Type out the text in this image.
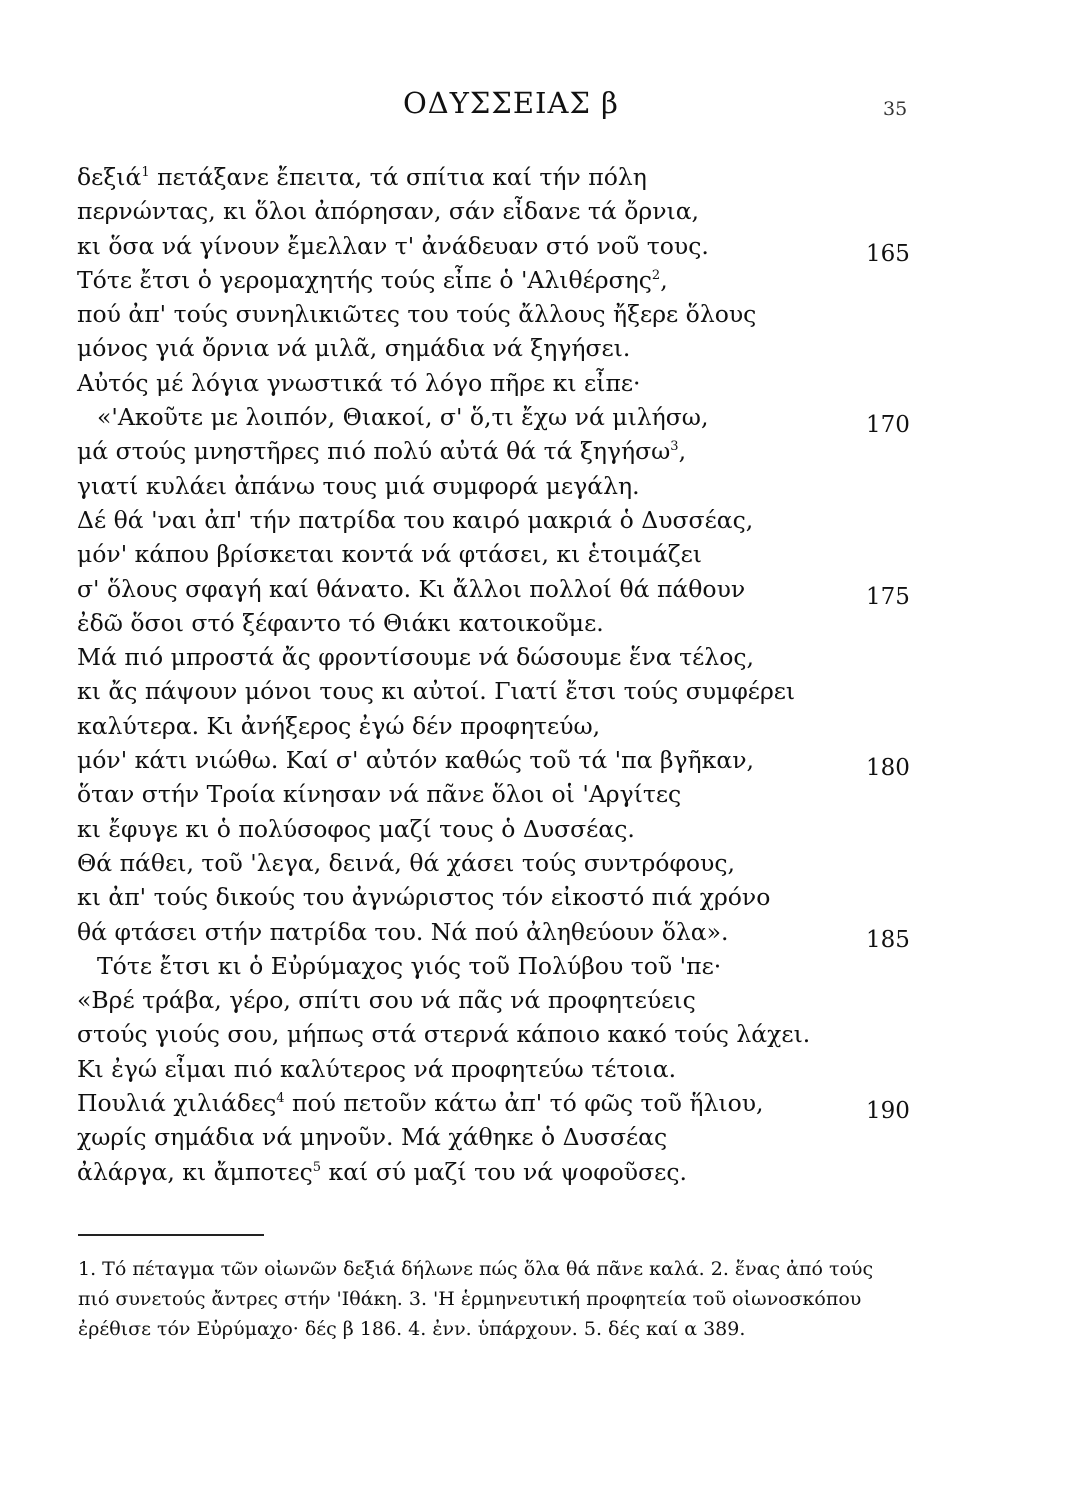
ΟΔΥΣΣΕΙΑΣ β	35
δεξιά$^1$ πετάξανε ἔπειτα, τά σπίτια καί τήν πόλη
περνώντας, κι ὅλοι ἀπόρησαν, σάν εἶδανε τά ὄρνια,
κι ὅσα νά γίνουν ἔμελλαν τ' ἀνάδευαν στό νοῦ τους.	165
Τότε ἔτσι ὁ γερομαχητής τούς εἶπε ὁ 'Αλιθέρσης$^2$,
πού ἀπ' τούς συνηλικιῶτες του τούς ἄλλους ἤξερε ὅλους
μόνος γιά ὄρνια νά μιλᾶ, σημάδια νά ξηγήσει.
Αὐτός μέ λόγια γνωστικά τό λόγο πῆρε κι εἶπε·
«'Ακοῦτε με λοιπόν, Θιακοί, σ' ὅ,τι ἔχω νά μιλήσω,	170
μά στούς μνηστῆρες πιό πολύ αὐτά θά τά ξηγήσω$^3$,
γιατί κυλάει ἀπάνω τους μιά συμφορά μεγάλη.
Δέ θά 'ναι ἀπ' τήν πατρίδα του καιρό μακριά ὁ Δυσσέας,
μόν' κάπου βρίσκεται κοντά νά φτάσει, κι ἑτοιμάζει
σ' ὅλους σφαγή καί θάνατο. Κι ἄλλοι πολλοί θά πάθουν	175
ἐδῶ ὅσοι στό ξέφαντο τό Θιάκι κατοικοῦμε.
Μά πιό μπροστά ἄς φροντίσουμε νά δώσουμε ἕνα τέλος,
κι ἄς πάψουν μόνοι τους κι αὐτοί. Γιατί ἔτσι τούς συμφέρει
καλύτερα. Κι ἀνήξερος ἐγώ δέν προφητεύω,
μόν' κάτι νιώθω. Καί σ' αὐτόν καθώς τοῦ τά 'πα βγῆκαν,	180
ὅταν στήν Τροία κίνησαν νά πᾶνε ὅλοι οἱ 'Αργίτες
κι ἔφυγε κι ὁ πολύσοφος μαζί τους ὁ Δυσσέας.
Θά πάθει, τοῦ 'λεγα, δεινά, θά χάσει τούς συντρόφους,
κι ἀπ' τούς δικούς του ἀγνώριστος τόν εἰκοστό πιά χρόνο
θά φτάσει στήν πατρίδα του. Νά πού ἀληθεύουν ὅλα».	185
Τότε ἔτσι κι ὁ Εὐρύμαχος γιός τοῦ Πολύβου τοῦ 'πε·
«Βρέ τράβα, γέρο, σπίτι σου νά πᾶς νά προφητεύεις
στούς γιούς σου, μήπως στά στερνά κάποιο κακό τούς λάχει.
Κι ἐγώ εἶμαι πιό καλύτερος νά προφητεύω τέτοια.
Πουλιά χιλιάδες$^4$ πού πετοῦν κάτω ἀπ' τό φῶς τοῦ ἥλιου,	190
χωρίς σημάδια νά μηνοῦν. Μά χάθηκε ὁ Δυσσέας
ἀλάργα, κι ἄμποτες$^5$ καί σύ μαζί του νά ψοφοῦσες.
1. Τό πέταγμα τῶν οἰωνῶν δεξιά δήλωνε πώς ὅλα θά πᾶνε καλά. 2. ἕνας ἀπό τούς
πιό συνετούς ἄντρες στήν 'Ιθάκη. 3. 'Η ἑρμηνευτική προφητεία τοῦ οἰωνοσκόπου
ἐρέθισε τόν Εὐρύμαχο· δές β 186. 4. ἐνν. ὑπάρχουν. 5. δές καί α 389.
